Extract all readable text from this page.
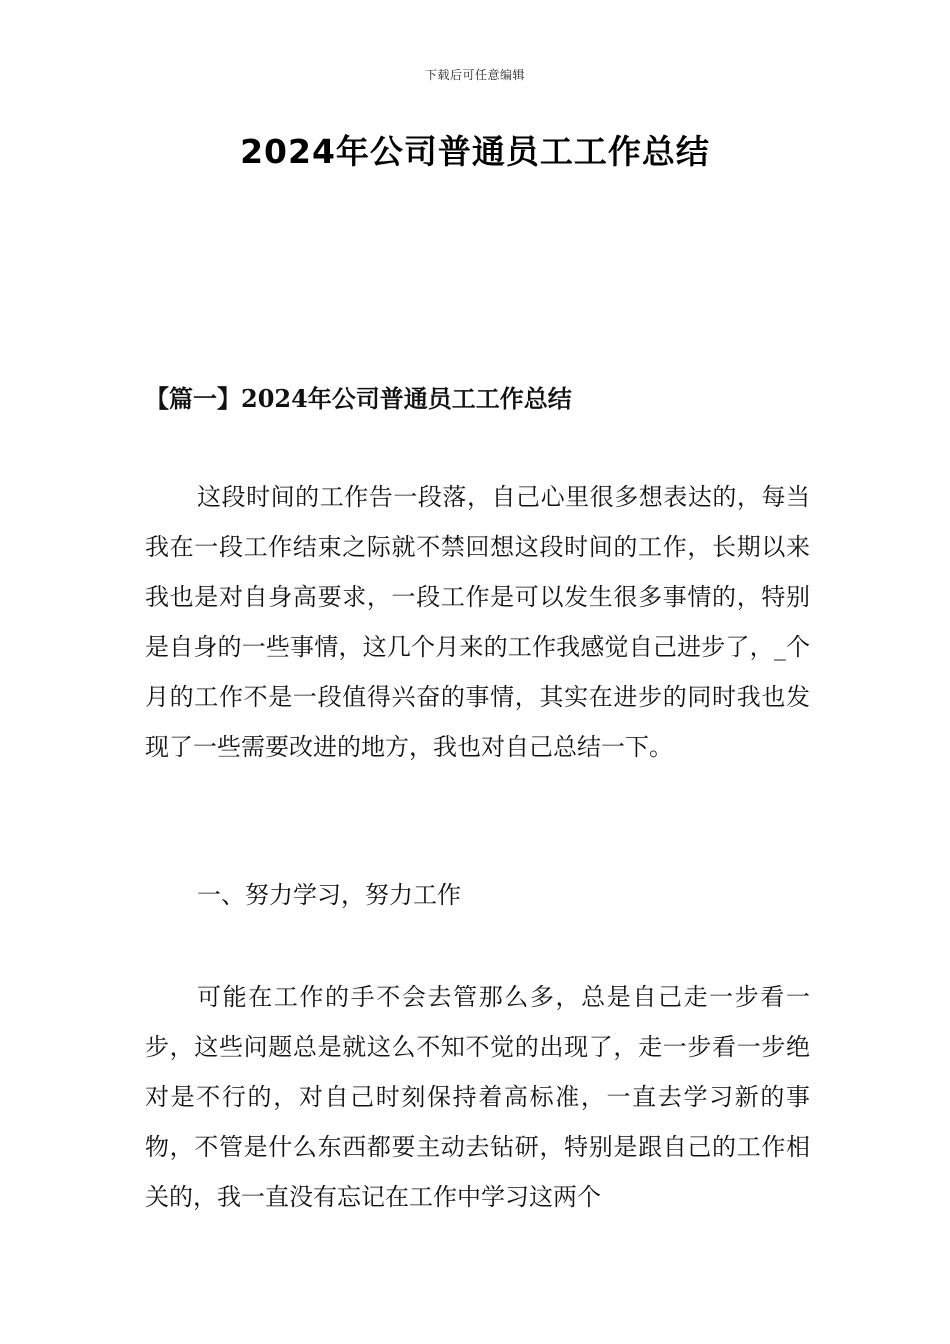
下载后可任意编辑
2024年公司普通员工工作总结
【篇一】2024年公司普通员工工作总结

这段时间的工作告一段落，自己心里很多想表达的，每当我在一段工作结束之际就不禁回想这段时间的工作，长期以来我也是对自身高要求，一段工作是可以发生很多事情的，特别是自身的一些事情，这几个月来的工作我感觉自己进步了，_个月的工作不是一段值得兴奋的事情，其实在进步的同时我也发现了一些需要改进的地方，我也对自己总结一下。

一、努力学习，努力工作

可能在工作的手不会去管那么多，总是自己走一步看一步，这些问题总是就这么不知不觉的出现了，走一步看一步绝对是不行的，对自己时刻保持着高标准，一直去学习新的事物，不管是什么东西都要主动去钻研，特别是跟自己的工作相关的，我一直没有忘记在工作中学习这两个
